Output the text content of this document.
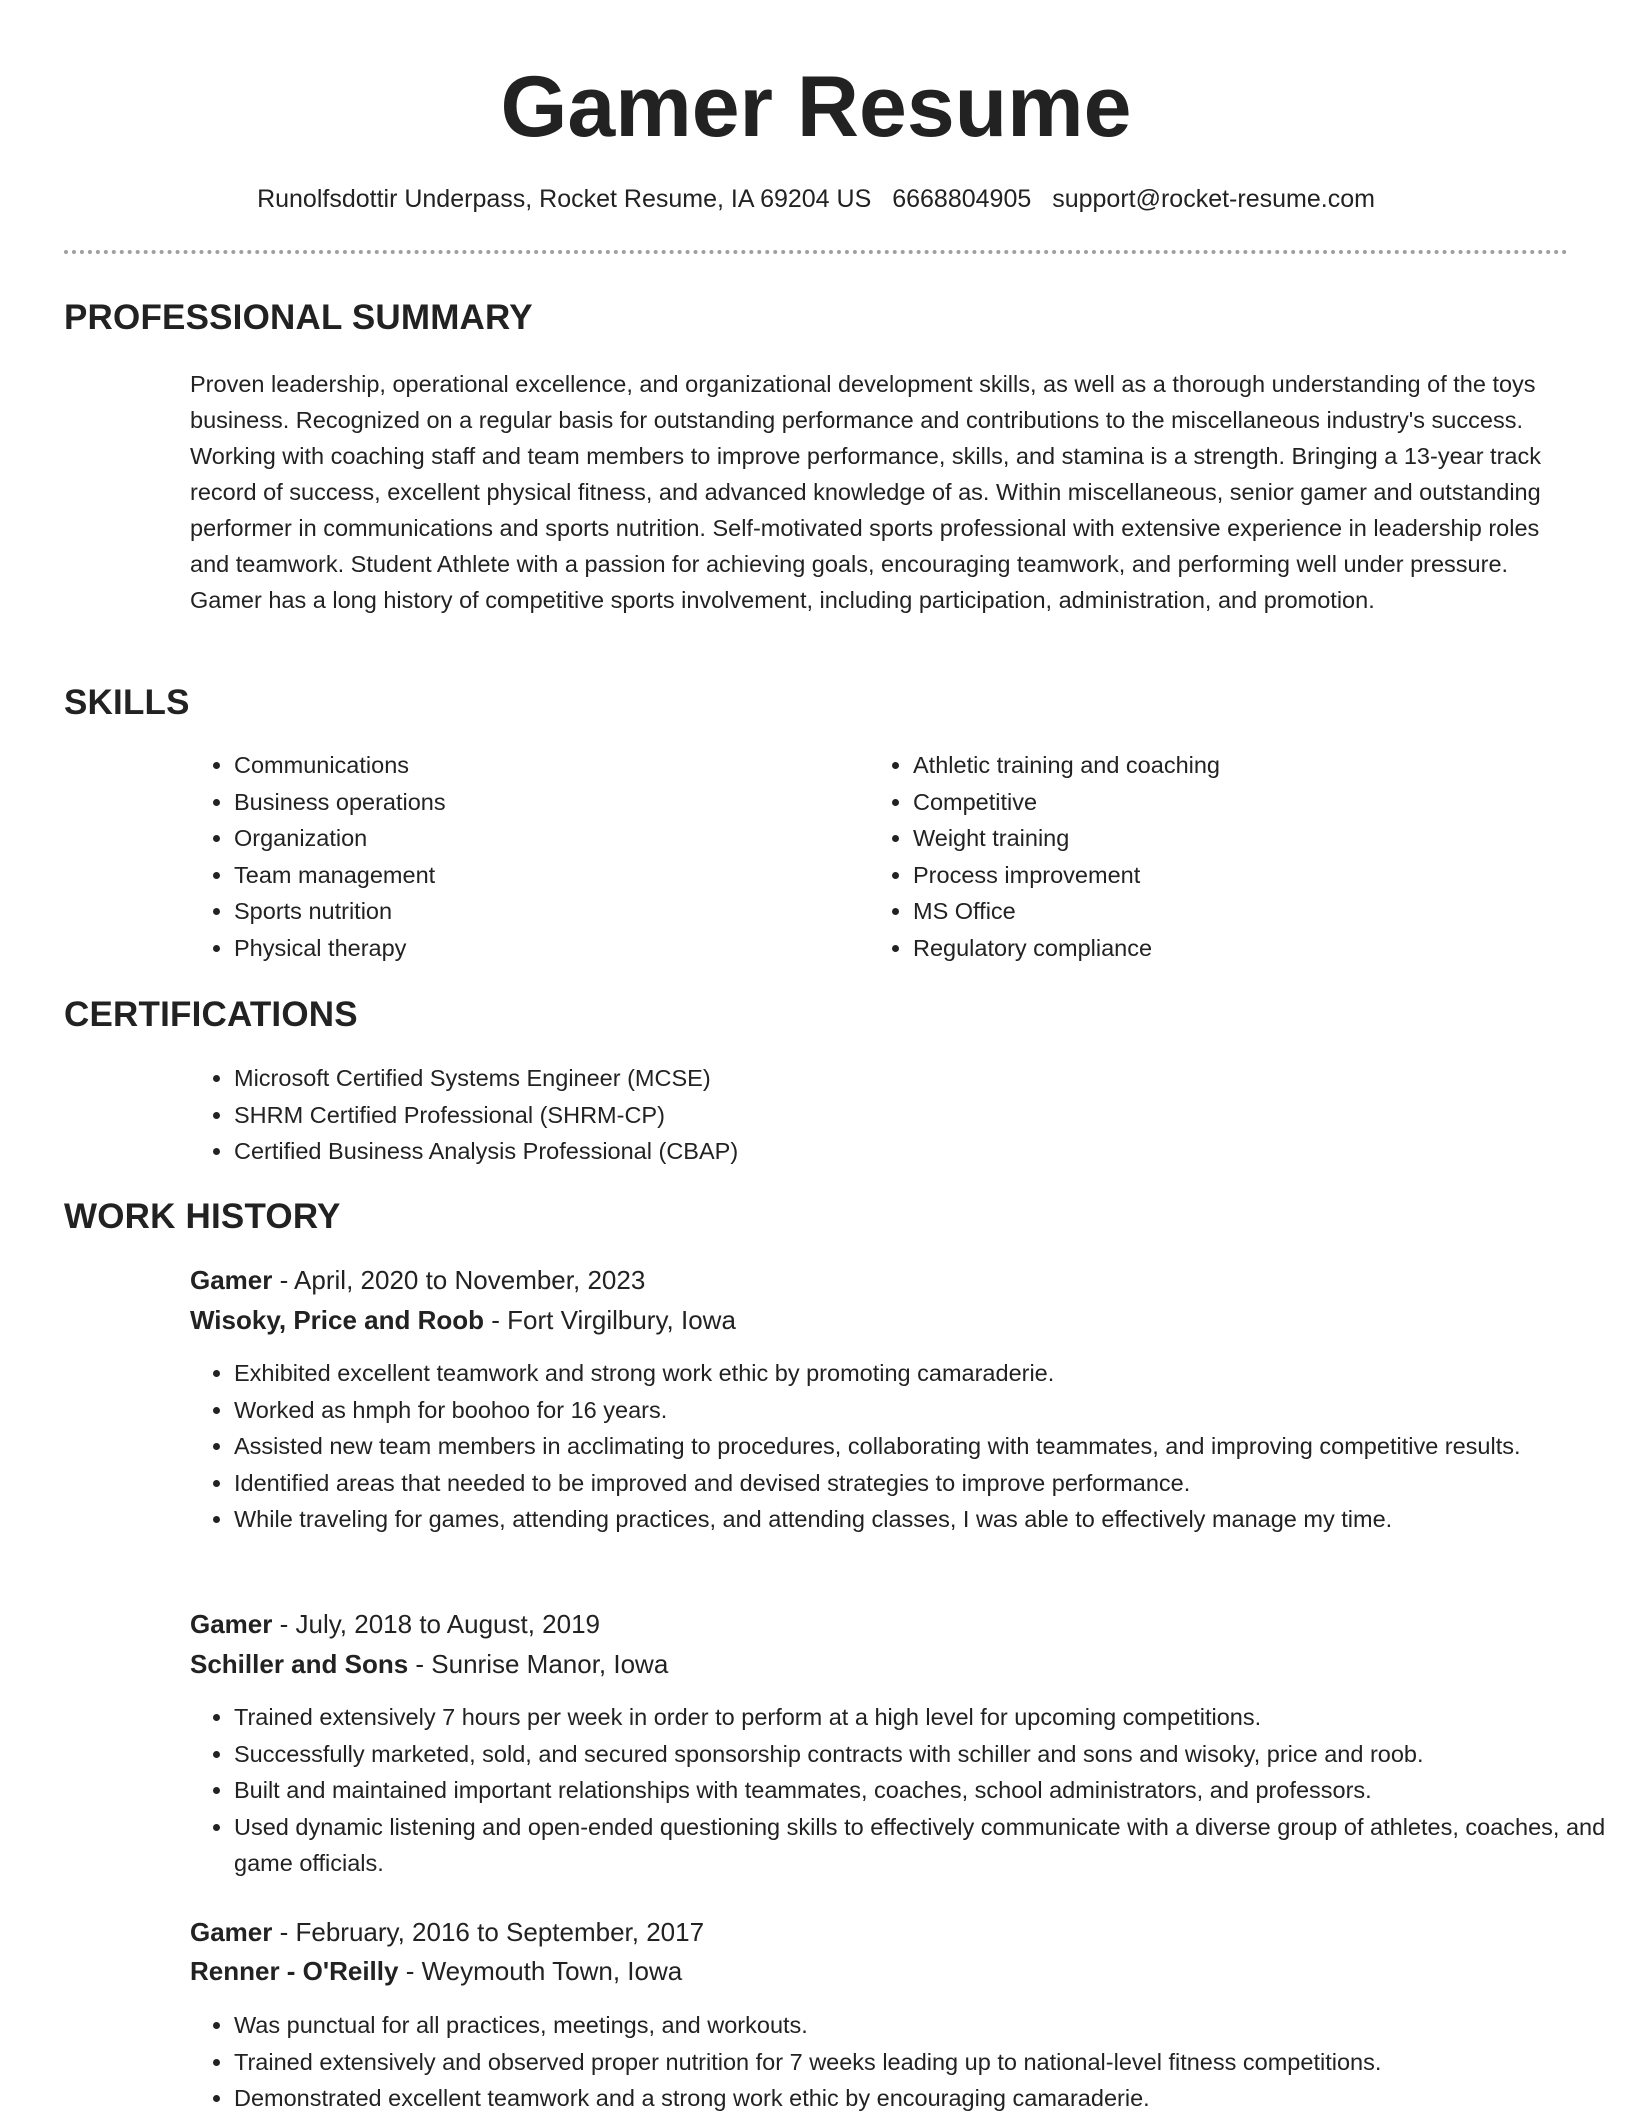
Gamer Resume
Runolfsdottir Underpass, Rocket Resume, IA 69204 US 6668804905 support@rocket-resume.com
PROFESSIONAL SUMMARY

Proven leadership, operational excellence, and organizational development skills, as well as a thorough understanding of the toys business. Recognized on a regular basis for outstanding performance and contributions to the miscellaneous industry's success. Working with coaching staff and team members to improve performance, skills, and stamina is a strength. Bringing a 13-year track record of success, excellent physical fitness, and advanced knowledge of as. Within miscellaneous, senior gamer and outstanding performer in communications and sports nutrition. Self-motivated sports professional with extensive experience in leadership roles and teamwork. Student Athlete with a passion for achieving goals, encouraging teamwork, and performing well under pressure. Gamer has a long history of competitive sports involvement, including participation, administration, and promotion.

SKILLS
• Communications
• Business operations
• Organization
• Team management
• Sports nutrition
• Physical therapy
• Athletic training and coaching
• Competitive
• Weight training
• Process improvement
• MS Office
• Regulatory compliance
CERTIFICATIONS
• Microsoft Certified Systems Engineer (MCSE)
• SHRM Certified Professional (SHRM-CP)
• Certified Business Analysis Professional (CBAP)
WORK HISTORY
Gamer - April, 2020 to November, 2023
Wisoky, Price and Roob - Fort Virgilbury, Iowa
• Exhibited excellent teamwork and strong work ethic by promoting camaraderie.
• Worked as hmph for boohoo for 16 years.
• Assisted new team members in acclimating to procedures, collaborating with teammates, and improving competitive results.
• Identified areas that needed to be improved and devised strategies to improve performance.
• While traveling for games, attending practices, and attending classes, I was able to effectively manage my time.
Gamer - July, 2018 to August, 2019
Schiller and Sons - Sunrise Manor, Iowa
• Trained extensively 7 hours per week in order to perform at a high level for upcoming competitions.
• Successfully marketed, sold, and secured sponsorship contracts with schiller and sons and wisoky, price and roob.
• Built and maintained important relationships with teammates, coaches, school administrators, and professors.
• Used dynamic listening and open-ended questioning skills to effectively communicate with a diverse group of athletes, coaches, and game officials.
Gamer - February, 2016 to September, 2017
Renner - O'Reilly - Weymouth Town, Iowa
• Was punctual for all practices, meetings, and workouts.
• Trained extensively and observed proper nutrition for 7 weeks leading up to national-level fitness competitions.
• Demonstrated excellent teamwork and a strong work ethic by encouraging camaraderie.
